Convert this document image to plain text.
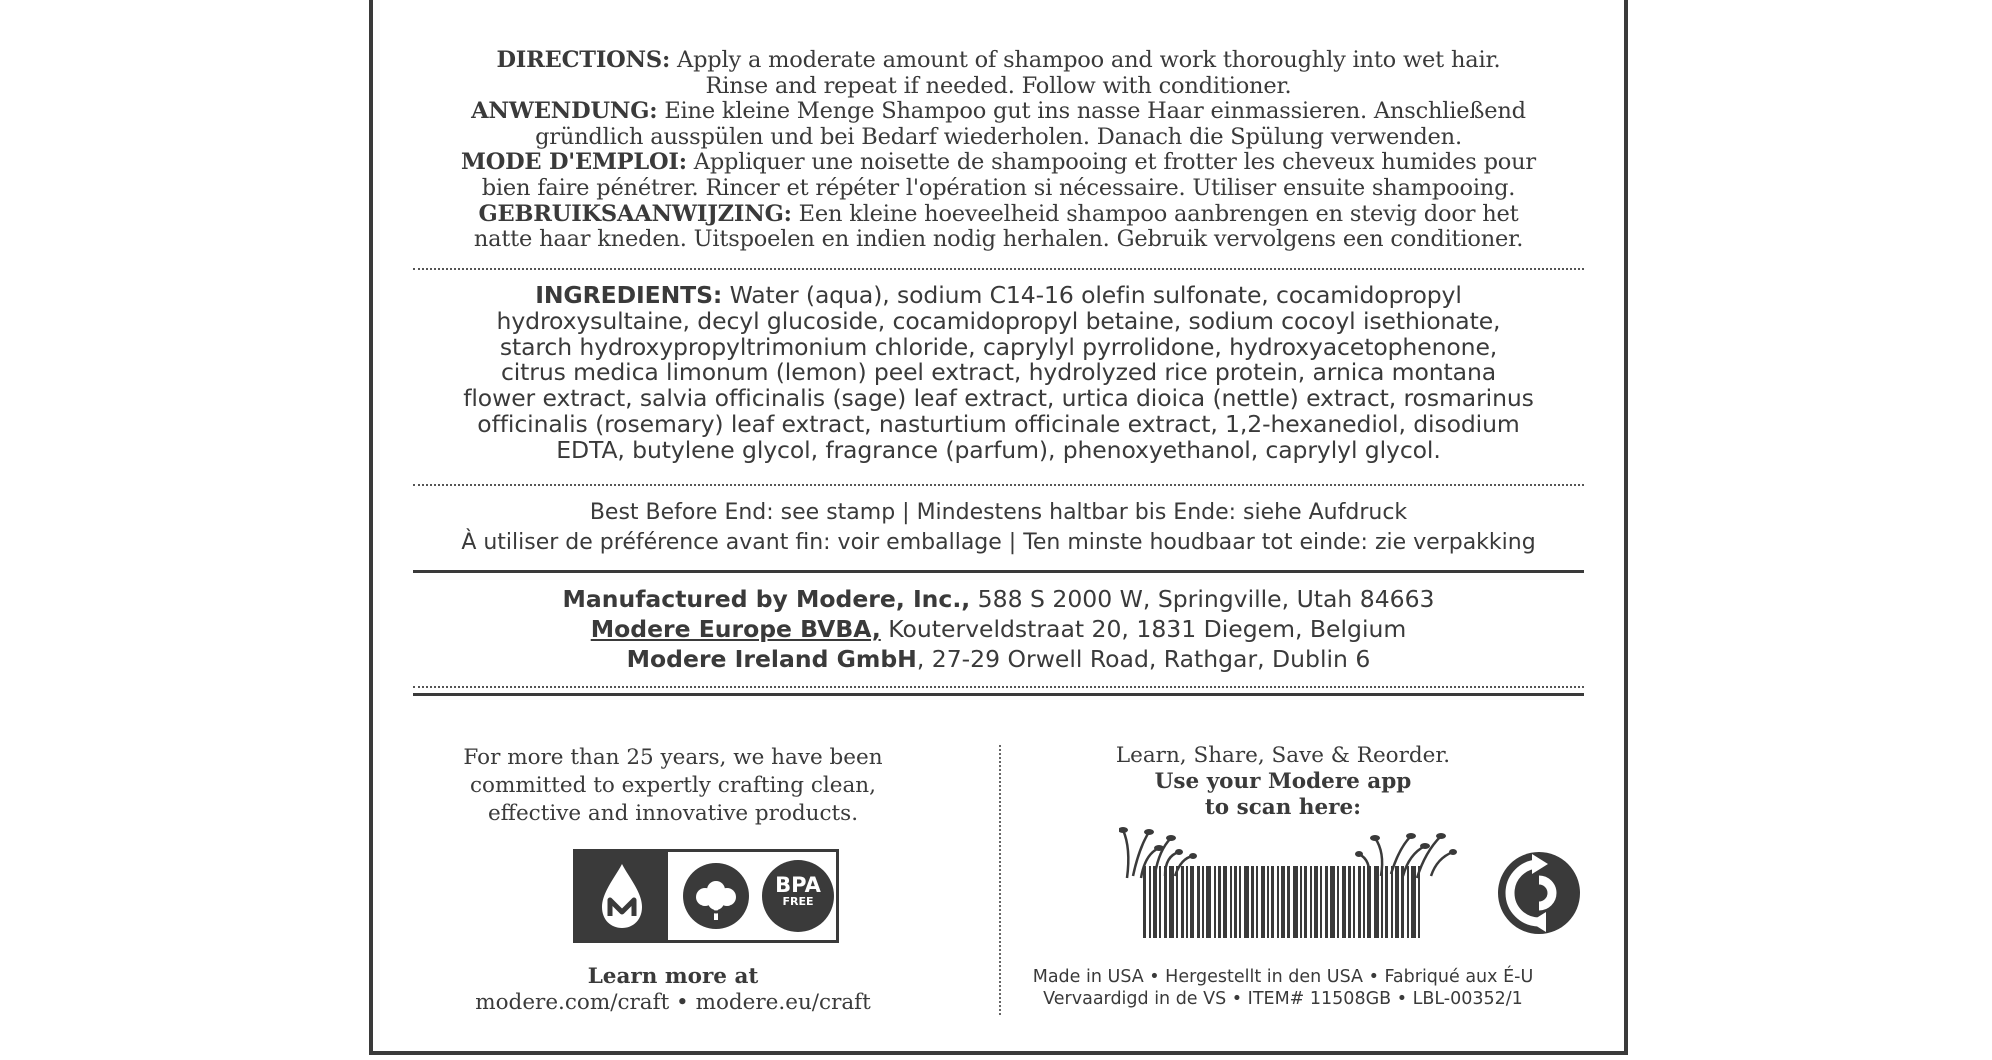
DIRECTIONS: Apply a moderate amount of shampoo and work thoroughly into wet hair.
Rinse and repeat if needed. Follow with conditioner.
ANWENDUNG: Eine kleine Menge Shampoo gut ins nasse Haar einmassieren. Anschließend
gründlich ausspülen und bei Bedarf wiederholen. Danach die Spülung verwenden.
MODE D'EMPLOI: Appliquer une noisette de shampooing et frotter les cheveux humides pour
bien faire pénétrer. Rincer et répéter l'opération si nécessaire. Utiliser ensuite shampooing.
GEBRUIKSAANWIJZING: Een kleine hoeveelheid shampoo aanbrengen en stevig door het
natte haar kneden. Uitspoelen en indien nodig herhalen. Gebruik vervolgens een conditioner.
INGREDIENTS: Water (aqua), sodium C14-16 olefin sulfonate, cocamidopropyl
hydroxysultaine, decyl glucoside, cocamidopropyl betaine, sodium cocoyl isethionate,
starch hydroxypropyltrimonium chloride, caprylyl pyrrolidone, hydroxyacetophenone,
citrus medica limonum (lemon) peel extract, hydrolyzed rice protein, arnica montana
flower extract, salvia officinalis (sage) leaf extract, urtica dioica (nettle) extract, rosmarinus
officinalis (rosemary) leaf extract, nasturtium officinale extract, 1,2-hexanediol, disodium
EDTA, butylene glycol, fragrance (parfum), phenoxyethanol, caprylyl glycol.
Best Before End: see stamp | Mindestens haltbar bis Ende: siehe Aufdruck
À utiliser de préférence avant fin: voir emballage | Ten minste houdbaar tot einde: zie verpakking
Manufactured by Modere, Inc., 588 S 2000 W, Springville, Utah 84663
Modere Europe BVBA, Kouterveldstraat 20, 1831 Diegem, Belgium
Modere Ireland GmbH, 27-29 Orwell Road, Rathgar, Dublin 6
For more than 25 years, we have been
committed to expertly crafting clean,
effective and innovative products.
BPA
FREE
Learn more at
modere.com/craft • modere.eu/craft
Learn, Share, Save & Reorder.
Use your Modere app
to scan here:
Made in USA • Hergestellt in den USA • Fabriqué aux É-U
Vervaardigd in de VS • ITEM# 11508GB • LBL-00352/1
